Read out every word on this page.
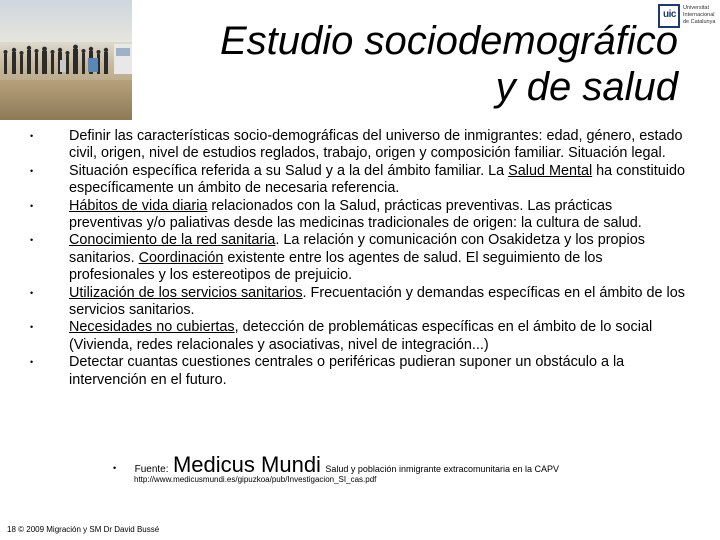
uic
Universitat
Internacional
de Catalunya
Estudio sociodemográfico
y de salud
• Definir las características socio-demográficas del universo de inmigrantes: edad, género, estado civil, origen, nivel de estudios reglados, trabajo, origen y composición familiar. Situación legal.
• Situación específica referida a su Salud y a la del ámbito familiar. La Salud Mental ha constituido específicamente un ámbito de necesaria referencia.
• Hábitos de vida diaria relacionados con la Salud, prácticas preventivas. Las prácticas preventivas y/o paliativas desde las medicinas tradicionales de origen: la cultura de salud.
• Conocimiento de la red sanitaria. La relación y comunicación con Osakidetza y los propios sanitarios. Coordinación existente entre los agentes de salud. El seguimiento de los profesionales y los estereotipos de prejuicio.
• Utilización de los servicios sanitarios. Frecuentación y demandas específicas en el ámbito de los servicios sanitarios.
• Necesidades no cubiertas, detección de problemáticas específicas en el ámbito de lo social (Vivienda, redes relacionales y asociativas, nivel de integración...)
• Detectar cuantas cuestiones centrales o periféricas pudieran suponer un obstáculo a la intervención en el futuro.
• Fuente: Medicus Mundi Salud y población inmigrante extracomunitaria en la CAPV
http://www.medicusmundi.es/gipuzkoa/pub/Investigacion_SI_cas.pdf
18 © 2009 Migración y SM Dr David Bussé
